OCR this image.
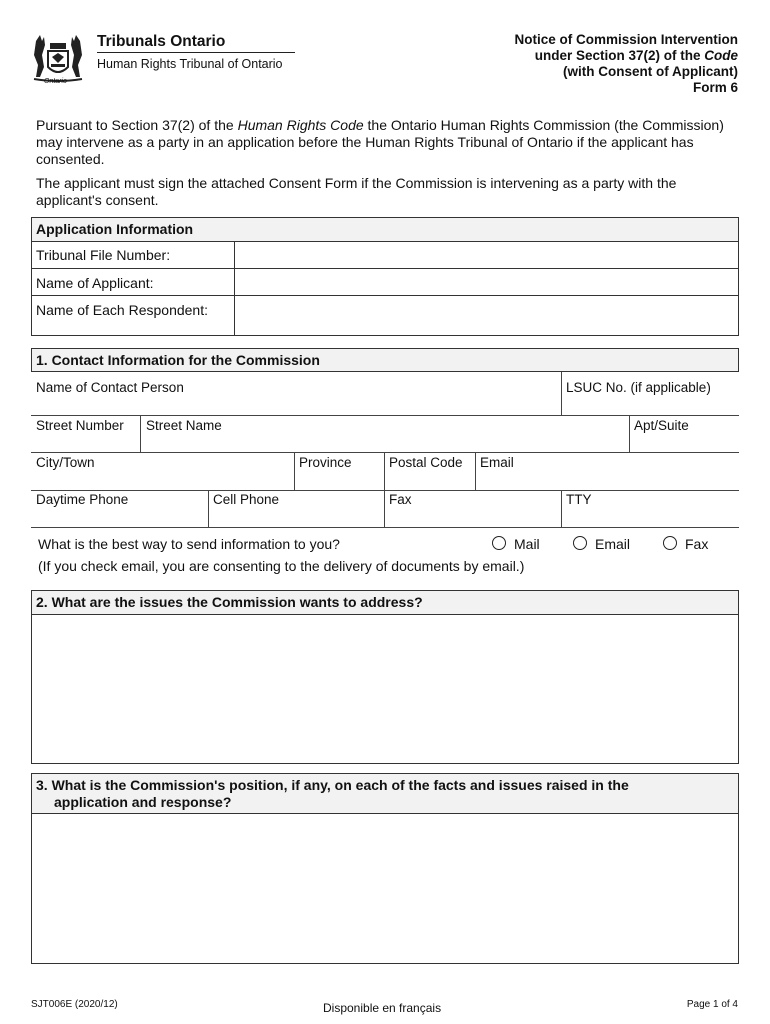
Ontario
Tribunals Ontario
Human Rights Tribunal of Ontario
Notice of Commission Intervention
under Section 37(2) of the Code
(with Consent of Applicant)
Form 6
Pursuant to Section 37(2) of the Human Rights Code the Ontario Human Rights Commission (the Commission) may intervene as a party in an application before the Human Rights Tribunal of Ontario if the applicant has consented.
The applicant must sign the attached Consent Form if the Commission is intervening as a party with the applicant's consent.
Application Information
Tribunal File Number:
Name of Applicant:
Name of Each Respondent:
1. Contact Information for the Commission
Name of Contact Person	LSUC No. (if applicable)
Street Number Street Name	Apt/Suite
City/Town	Province	Postal Code Email
Daytime Phone	Cell Phone	Fax	TTY
What is the best way to send information to you?
(If you check email, you are consenting to the delivery of documents by email.)
Mail	Email	Fax
2. What are the issues the Commission wants to address?
3. What is the Commission's position, if any, on each of the facts and issues raised in the
application and response?
SJT006E (2020/12)	Disponible en français	Page 1 of 4
